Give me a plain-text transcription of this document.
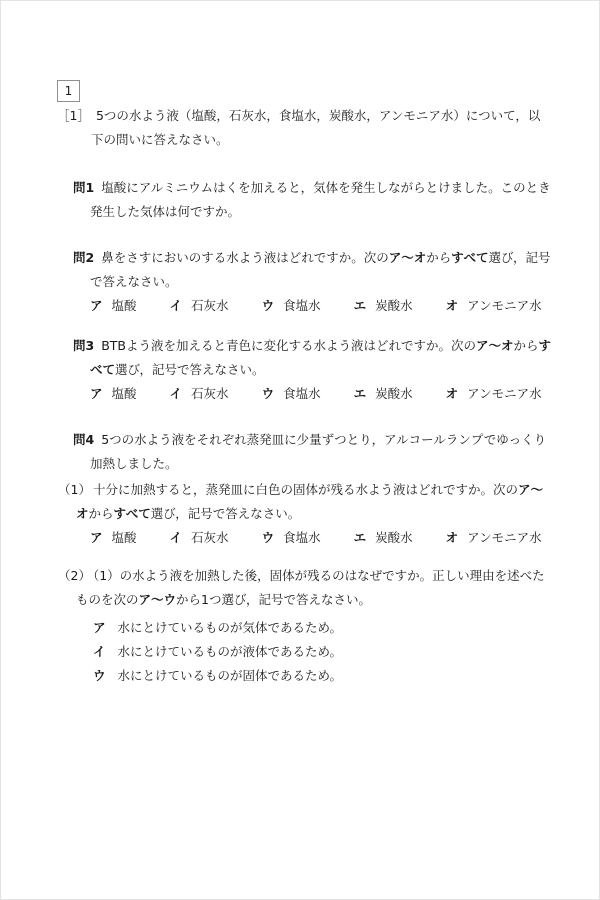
1

［1］ 5つの水よう液（塩酸，石灰水，食塩水，炭酸水，アンモニア水）について，以下の問いに答えなさい。

問1 塩酸にアルミニウムはくを加えると，気体を発生しながらとけました。このとき発生した気体は何ですか。

問2 鼻をさすにおいのする水よう液はどれですか。次のア～オからすべて選び，記号で答えなさい。

ア 塩酸	イ 石灰水	ウ 食塩水	エ 炭酸水	オ アンモニア水

問3 BTBよう液を加えると青色に変化する水よう液はどれですか。次のア～オからすべて選び，記号で答えなさい。

ア 塩酸	イ 石灰水	ウ 食塩水	エ 炭酸水	オ アンモニア水

問4 5つの水よう液をそれぞれ蒸発皿に少量ずつとり，アルコールランプでゆっくり加熱しました。

（1） 十分に加熱すると，蒸発皿に白色の固体が残る水よう液はどれですか。次のア～オからすべて選び，記号で答えなさい。

ア 塩酸	イ 石灰水	ウ 食塩水	エ 炭酸水	オ アンモニア水

（2） （1）の水よう液を加熱した後，固体が残るのはなぜですか。正しい理由を述べたものを次のア～ウから1つ選び，記号で答えなさい。

ア 水にとけているものが気体であるため。
イ 水にとけているものが液体であるため。
ウ 水にとけているものが固体であるため。
